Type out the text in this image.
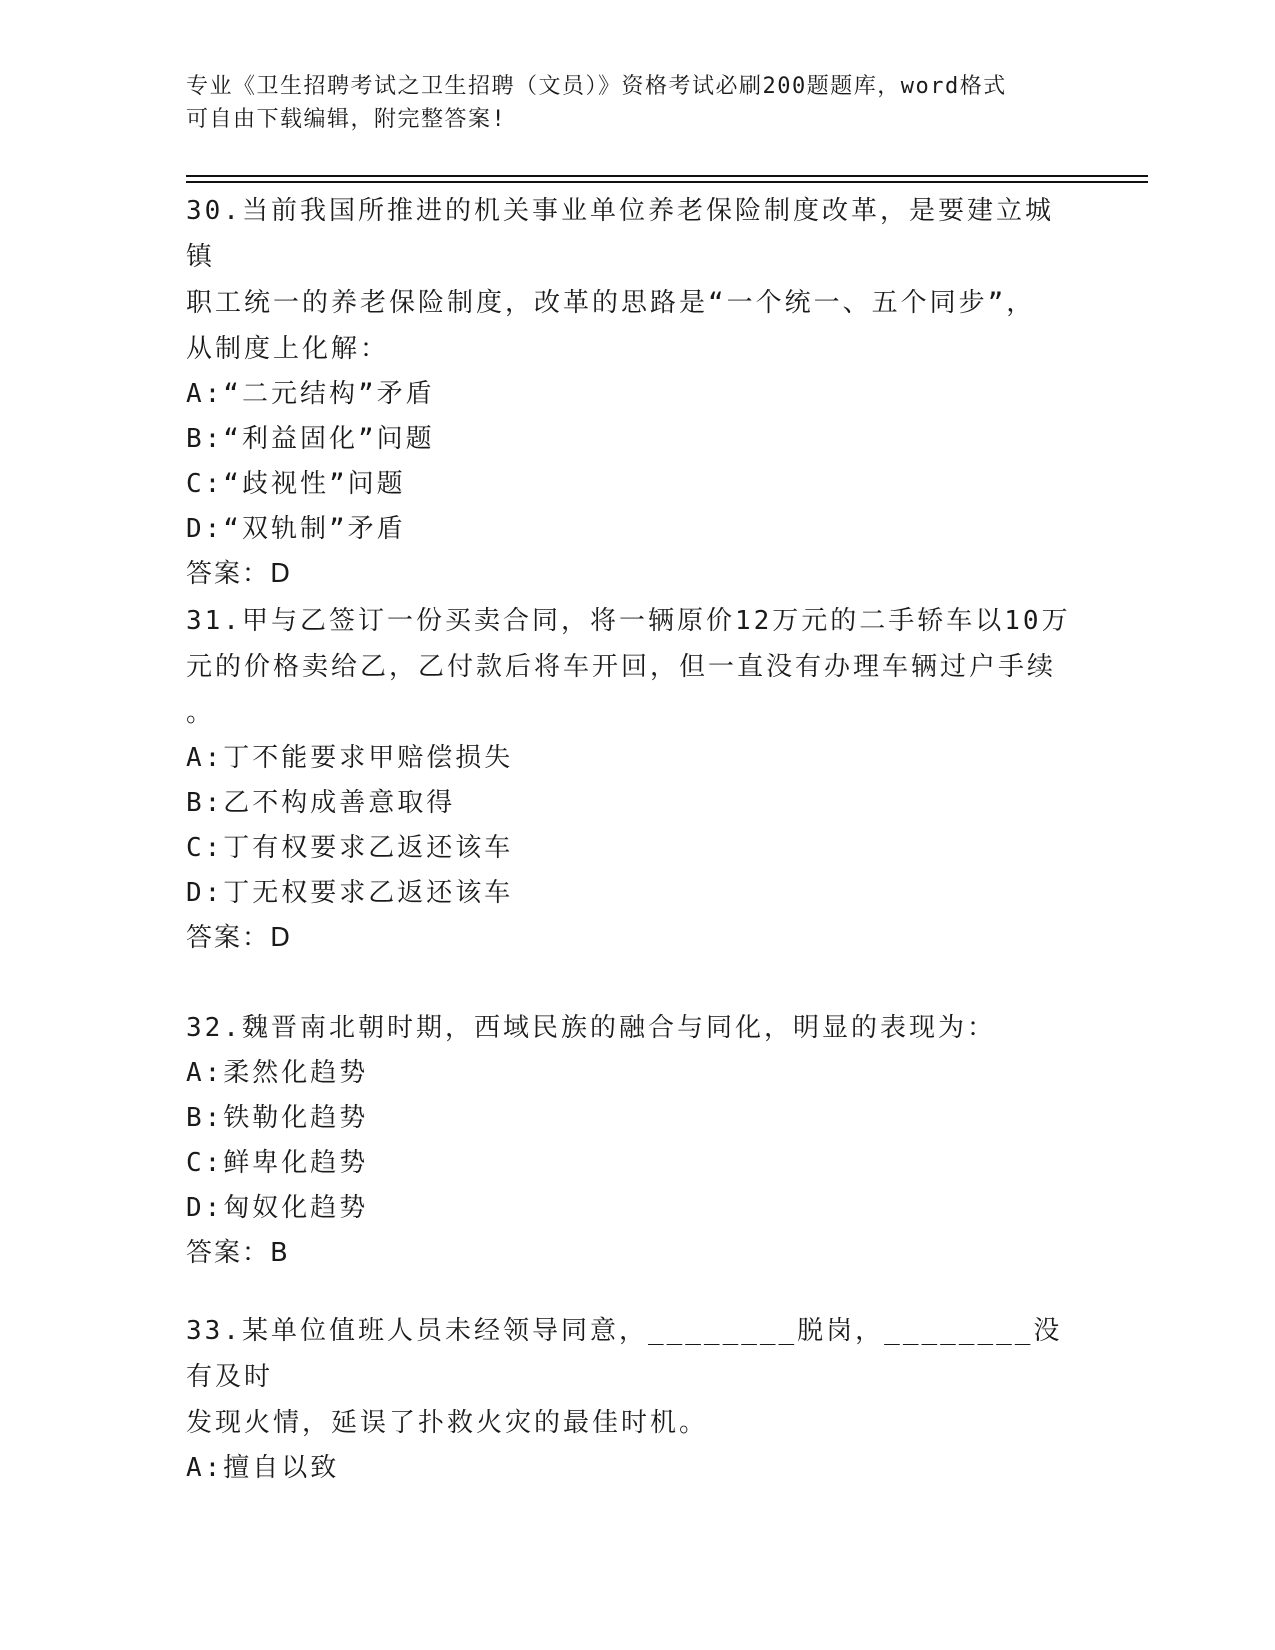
专业《卫生招聘考试之卫生招聘（文员）》资格考试必刷200题题库，word格式
可自由下载编辑，附完整答案!
30.当前我国所推进的机关事业单位养老保险制度改革，是要建立城镇
职工统一的养老保险制度，改革的思路是“一个统一、五个同步”，
从制度上化解：
A:“二元结构”矛盾
B:“利益固化”问题
C:“歧视性”问题
D:“双轨制”矛盾
答案：D
31.甲与乙签订一份买卖合同，将一辆原价12万元的二手轿车以10万
元的价格卖给乙，乙付款后将车开回，但一直没有办理车辆过户手续
。
A:丁不能要求甲赔偿损失
B:乙不构成善意取得
C:丁有权要求乙返还该车
D:丁无权要求乙返还该车
答案：D
32.魏晋南北朝时期，西域民族的融合与同化，明显的表现为：
A:柔然化趋势
B:铁勒化趋势
C:鲜卑化趋势
D:匈奴化趋势
答案：B
33.某单位值班人员未经领导同意，________脱岗，________没有及时
发现火情，延误了扑救火灾的最佳时机。
A:擅自以致
